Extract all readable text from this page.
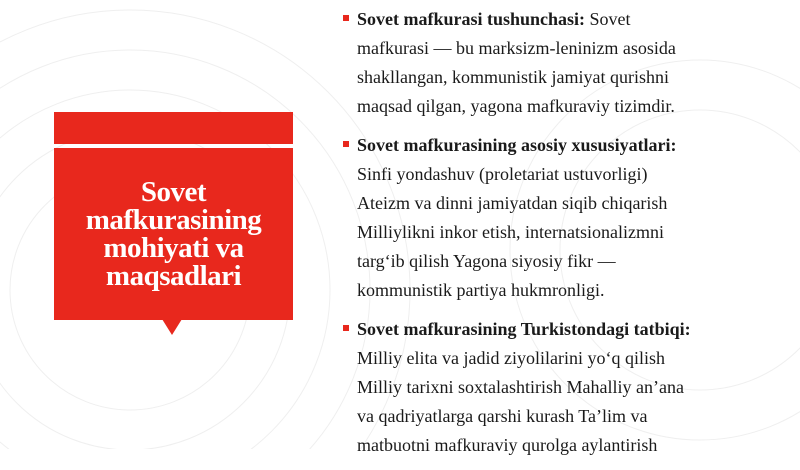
Sovet mafkurasining mohiyati va maqsadlari
Sovet mafkurasi tushunchasi: Sovet
mafkurasi — bu marksizm-leninizm asosida
shakllangan, kommunistik jamiyat qurishni
maqsad qilgan, yagona mafkuraviy tizimdir.
Sovet mafkurasining asosiy xususiyatlari:
Sinfi yondashuv (proletariat ustuvorligi)
Ateizm va dinni jamiyatdan siqib chiqarish
Milliylikni inkor etish, internatsionalizmni
targ‘ib qilish Yagona siyosiy fikr —
kommunistik partiya hukmronligi.
Sovet mafkurasining Turkistondagi tatbiqi:
Milliy elita va jadid ziyolilarini yo‘q qilish
Milliy tarixni soxtalashtirish Mahalliy an’ana
va qadriyatlarga qarshi kurash Ta’lim va
matbuotni mafkuraviy qurolga aylantirish
